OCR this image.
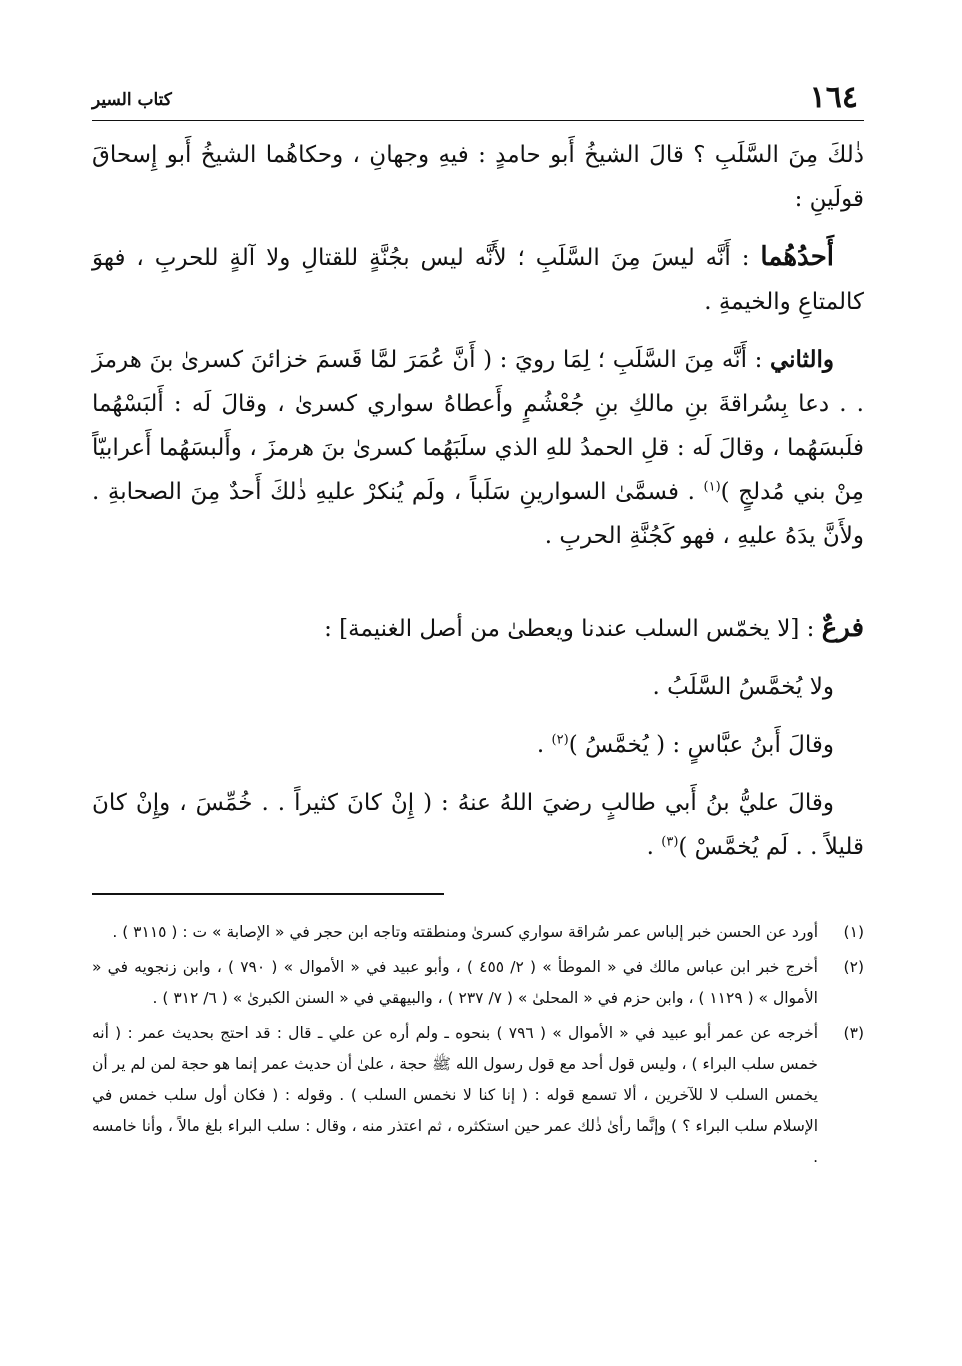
١٦٤
كتاب السير

ذٰلكَ مِنَ السَّلَبِ ؟ قالَ الشيخُ أَبو حامدٍ : فيهِ وجهانِ ، وحكاهُما الشيخُ أَبو إِسحاقَ قولَينِ :

أَحدُهُما : أَنَّه ليسَ مِنَ السَّلَبِ ؛ لأَنَّه ليس بجُنَّةٍ للقتالِ ولا آلةٍ للحربِ ، فهوَ كالمتاعِ والخيمةِ .

والثاني : أَنَّه مِنَ السَّلَبِ ؛ لِمَا رويَ : ( أَنَّ عُمَرَ لمَّا قَسمَ خزائنَ كسرىٰ بنَ هرمزَ . . دعا بِسُراقةَ بنِ مالكِ بنِ جُعْشُمٍ وأَعطاهُ سواري كسرىٰ ، وقالَ لَه : أَلبَسْهُما فلَبسَهُما ، وقالَ لَه : قلِ الحمدُ للهِ الذي سلَبَهُما كسرىٰ بنَ هرمزَ ، وأَلبسَهُما أَعرابيّاً مِنْ بني مُدلجٍ )$^{(١)}$ . فسمَّىٰ السوارينِ سَلَباً ، ولَم يُنكرْ عليهِ ذٰلكَ أَحدٌ مِنَ الصحابةِ . ولأَنَّ يدَهُ عليهِ ، فهو كَجُنَّةِ الحربِ .

فرعٌ : [لا يخمّس السلب عندنا ويعطىٰ من أصل الغنيمة] :

ولا يُخمَّسُ السَّلَبُ .

وقالَ أَبنُ عبَّاسٍ : ( يُخمَّسُ )$^{(٢)}$ .

وقالَ عليُّ بنُ أَبي طالبٍ رضيَ اللهُ عنهُ : ( إِنْ كانَ كثيراً . . خُمِّسَ ، وإِنْ كانَ قليلاً . . لَم يُخمَّسْ )$^{(٣)}$ .

(١)
أورد عن الحسن خبر إلباس عمر سُراقة سواري كسرىٰ ومنطقته وتاجه ابن حجر في « الإصابة » ت : ( ٣١١٥ ) .
(٢)
أخرج خبر ابن عباس مالك في « الموطأ » ( ٢/ ٤٥٥ ) ، وأبو عبيد في « الأموال » ( ٧٩٠ ) ، وابن زنجويه في « الأموال » ( ١١٢٩ ) ، وابن حزم في « المحلىٰ » ( ٧/ ٢٣٧ ) ، والبيهقي في « السنن الكبرىٰ » ( ٦/ ٣١٢ ) .
(٣)
أخرجه عن عمر أبو عبيد في « الأموال » ( ٧٩٦ ) بنحوه ـ ولم أره عن علي ـ قال : قد احتج بحديث عمر : ( أنه خمس سلب البراء ) ، وليس قول أحد مع قول رسول الله ﷺ حجة ، علىٰ أن حديث عمر إنما هو حجة لمن لم ير أن يخمس السلب لا للآخرين ، ألا تسمع قوله : ( إنا كنا لا نخمس السلب ) . وقوله : ( فكان أول سلب خمس في الإسلام سلب البراء ؟ ) وإنَّما رأىٰ ذٰلك عمر حين استكثره ، ثم اعتذر منه ، وقال : سلب البراء بلغ مالاً ، وأنا خامسه .
